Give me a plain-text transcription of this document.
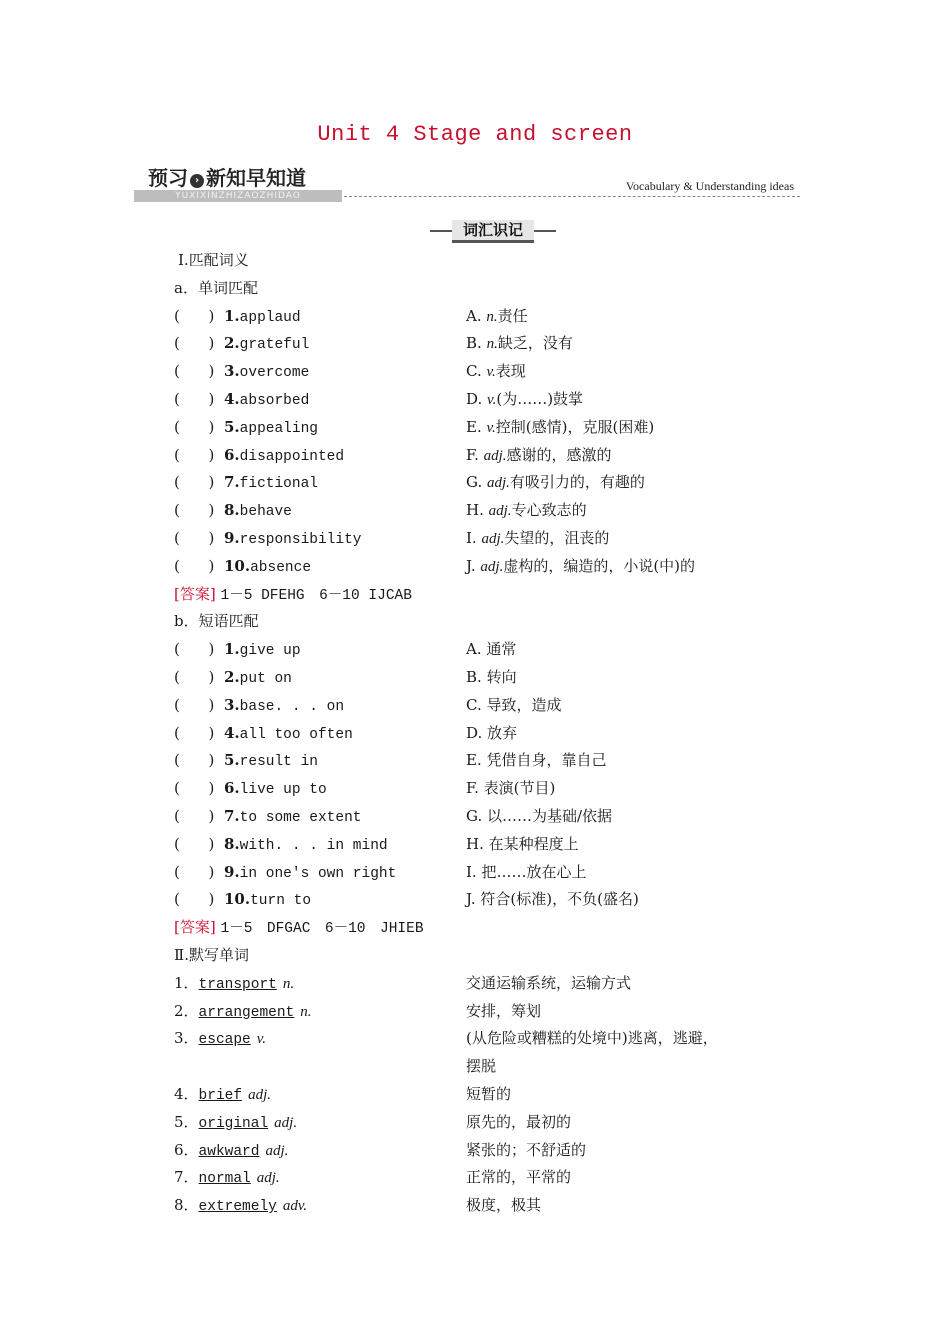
Unit 4 Stage and screen
预习 › 新知早知道
YUXIXINZHIZAOZHIDAO
Vocabulary & Understanding ideas
词汇识记
Ⅰ.匹配词义
a．单词匹配
(      ) 1.applaud	A. n.责任
(      ) 2.grateful	B. n.缺乏，没有
(      ) 3.overcome	C. v.表现
(      ) 4.absorbed	D. v.(为……)鼓掌
(      ) 5.appealing	E. v.控制(感情)，克服(困难)
(      ) 6.disappointed	F. adj.感谢的，感激的
(      ) 7.fictional	G. adj.有吸引力的，有趣的
(      ) 8.behave	H. adj.专心致志的
(      ) 9.responsibility	I. adj.失望的，沮丧的
(      ) 10.absence	J. adj.虚构的，编造的，小说(中)的
[答案] 1－5 DFEHG　6－10 IJCAB
b．短语匹配
(      ) 1.give up	A. 通常
(      ) 2.put on	B. 转向
(      ) 3.base. . . on	C. 导致，造成
(      ) 4.all too often	D. 放弃
(      ) 5.result in	E. 凭借自身，靠自己
(      ) 6.live up to	F. 表演(节目)
(      ) 7.to some extent	G. 以……为基础/依据
(      ) 8.with. . . in mind	H. 在某种程度上
(      ) 9.in one's own right	I. 把……放在心上
(      ) 10.turn to	J. 符合(标准)，不负(盛名)
[答案] 1－5　DFGAC　6－10　JHIEB
Ⅱ.默写单词
1．transport n.	交通运输系统，运输方式
2．arrangement n.	安排，筹划
3．escape v.	(从危险或糟糕的处境中)逃离，逃避，摆脱
4．brief adj.	短暂的
5．original adj.	原先的，最初的
6．awkward adj.	紧张的；不舒适的
7．normal adj.	正常的，平常的
8．extremely adv.	极度，极其
